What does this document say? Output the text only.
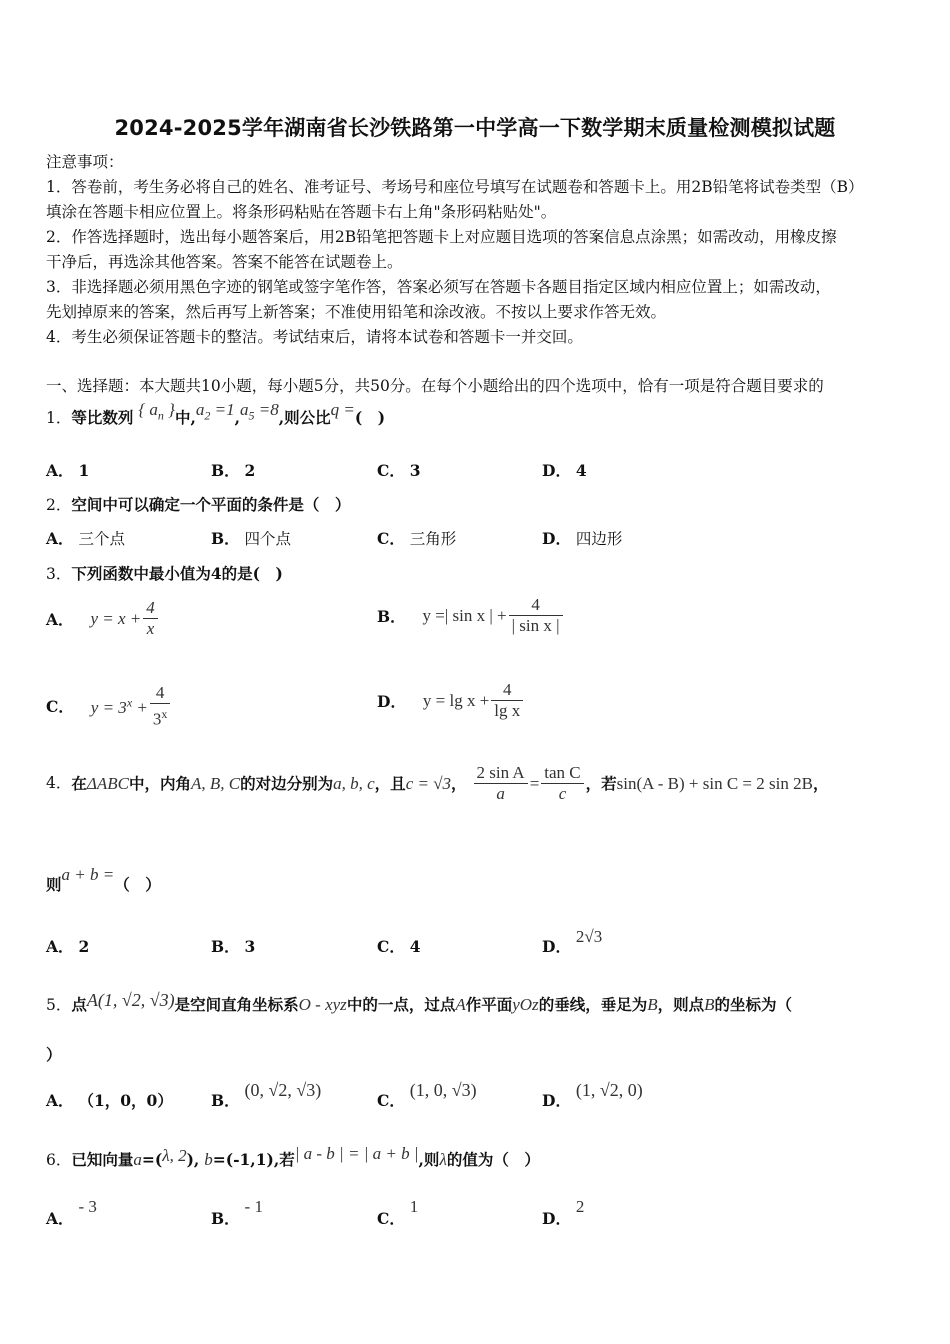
2024-2025学年湖南省长沙铁路第一中学高一下数学期末质量检测模拟试题
注意事项：
1．答卷前，考生务必将自己的姓名、准考证号、考场号和座位号填写在试题卷和答题卡上。用2B铅笔将试卷类型（B）
填涂在答题卡相应位置上。将条形码粘贴在答题卡右上角"条形码粘贴处"。
2．作答选择题时，选出每小题答案后，用2B铅笔把答题卡上对应题目选项的答案信息点涂黑；如需改动，用橡皮擦
干净后，再选涂其他答案。答案不能答在试题卷上。
3．非选择题必须用黑色字迹的钢笔或签字笔作答，答案必须写在答题卡各题目指定区域内相应位置上；如需改动，
先划掉原来的答案，然后再写上新答案；不准使用铅笔和涂改液。不按以上要求作答无效。
4．考生必须保证答题卡的整洁。考试结束后，请将本试卷和答题卡一并交回。
一、选择题：本大题共10小题，每小题5分，共50分。在每个小题给出的四个选项中，恰有一项是符合题目要求的
1．等比数列 { $a_n$ }中$,a_2 =1,a_5 =8$,则公比q =(　)
A． 1	B． 2	C． 3	D． 4
2．空间中可以确定一个平面的条件是（　）
A． 三个点	B． 四个点	C． 三角形	D． 四边形
3．下列函数中最小值为4的是(　)
A． $y = x + \frac{4}{x}$	B． y =| sin x | + $\frac{4}{\text{| sin x |}}$
C． $y = 3^x + \frac{4}{3^x}$	D． $y = \lg x + \frac{4}{\text{lg x}}$
4．在ΔABC中，内角A, B, C的对边分别为a, b, c，且c = √3， $\frac{\text{2 sin A}}{a} = \frac{\text{tan C}}{c}$ ，若sin(A - B) + sin C = 2 sin 2B，
则a + b =（　）
A． 2	B． 3	C． 4	D． 2√3
5．点A(1, √2, √3)是空间直角坐标系O - xyz中的一点，过点A作平面yOz的垂线，垂足为B，则点B的坐标为（
）
A． （1，0，0） B． (0, √2, √3)
C． (1, 0, √3)
D． (1, √2, 0)
6．已知向量a=(λ, 2), b=(-1,1),若| a - b | = | a + b |,则λ的值为（　）
A． - 3
B． - 1
C． 1
D． 2
